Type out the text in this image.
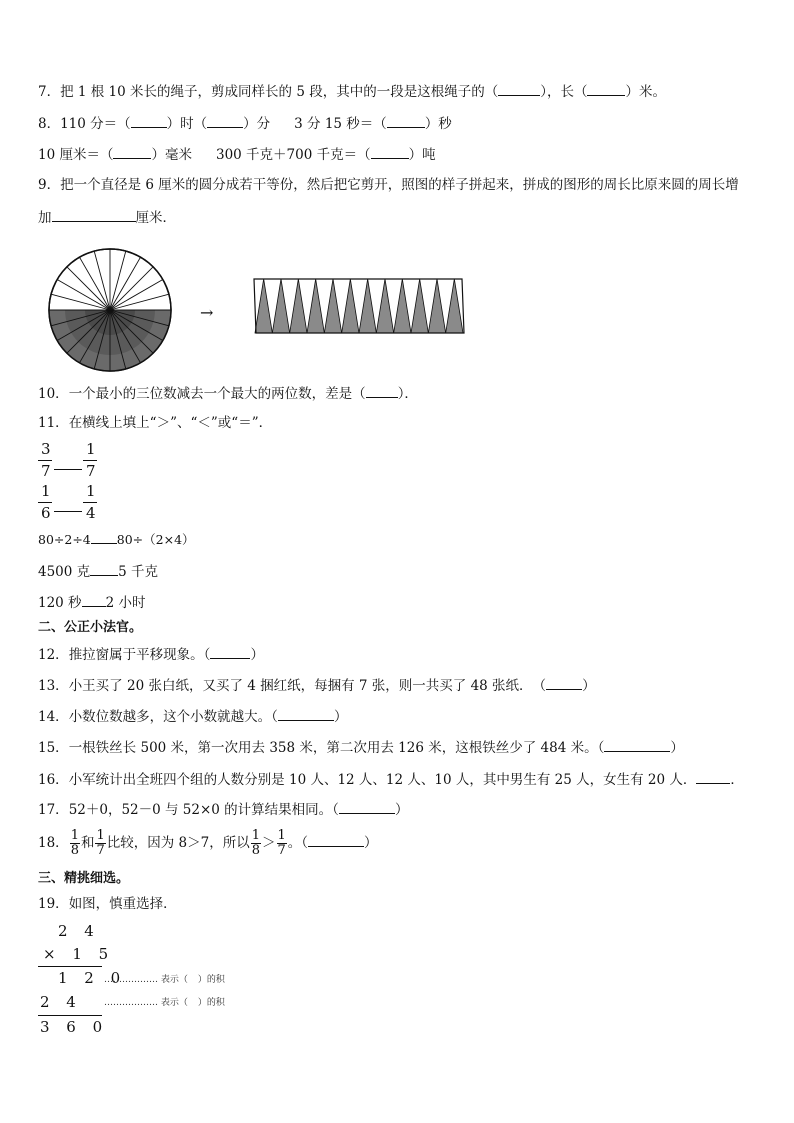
7．把 1 根 10 米长的绳子，剪成同样长的 5 段，其中的一段是这根绳子的（	），长（	）米。
8．110 分＝（	）时（	）分 3 分 15 秒＝（	）秒
10 厘米＝（	）毫米 300 千克＋700 千克＝（	）吨
9．把一个直径是 6 厘米的圆分成若干等份，然后把它剪开，照图的样子拼起来，拼成的图形的周长比原来圆的周长增
加	厘米．
→
10．一个最小的三位数减去一个最大的两位数，差是（ ）．
11．在横线上填上“＞”、“＜”或“＝”．
3
7
1
7
1
6
1
4
80÷2÷4 80÷（2×4）
4500 克 5 千克
120 秒 2 小时
二、公正小法官。
12．推拉窗属于平移现象。（	）
13．小王买了 20 张白纸，又买了 4 捆红纸，每捆有 7 张，则一共买了 48 张纸．　（	）
14．小数位数越多，这个小数就越大。（	）
15．一根铁丝长 500 米，第一次用去 358 米，第二次用去 126 米，这根铁丝少了 484 米。（	）
16．小军统计出全班四个组的人数分别是 10 人、12 人、12 人、10 人，其中男生有 25 人，女生有 20 人．	．
17．52＋0，52－0 与 52×0 的计算结果相同。（	）
18． $\frac{1}{8}$ 和 $\frac{1}{7}$ 比较，因为 8＞7，所以 $\frac{1}{8} > \frac{1}{7}$ 。（	）
三、精挑细选。
19．如图，慎重选择．
2 4
× 1 5
1 2 0
2 4
3 6 0
……………… 表示（ ）的积
……………… 表示（ ）的积
